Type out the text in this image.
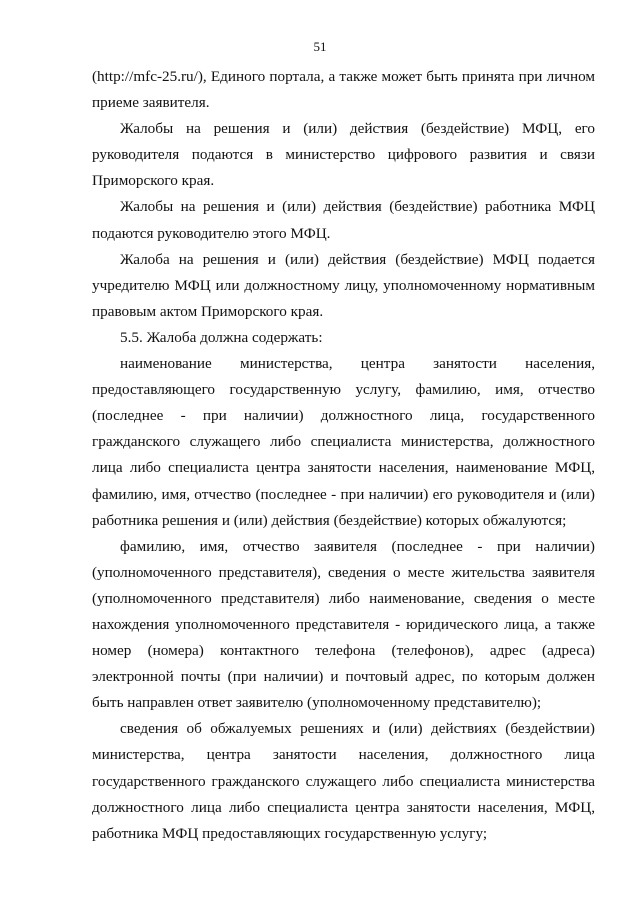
51

(http://mfc-25.ru/), Единого портала, а также может быть принята при личном приеме заявителя.

Жалобы на решения и (или) действия (бездействие) МФЦ, его руководителя подаются в министерство цифрового развития и связи Приморского края.

Жалобы на решения и (или) действия (бездействие) работника МФЦ подаются руководителю этого МФЦ.

Жалоба на решения и (или) действия (бездействие) МФЦ подается учредителю МФЦ или должностному лицу, уполномоченному нормативным правовым актом Приморского края.

5.5. Жалоба должна содержать:

наименование министерства, центра занятости населения, предоставляющего государственную услугу, фамилию, имя, отчество (последнее - при наличии) должностного лица, государственного гражданского служащего либо специалиста министерства, должностного лица либо специалиста центра занятости населения, наименование МФЦ, фамилию, имя, отчество (последнее - при наличии) его руководителя и (или) работника решения и (или) действия (бездействие) которых обжалуются;

фамилию, имя, отчество заявителя (последнее - при наличии) (уполномоченного представителя), сведения о месте жительства заявителя (уполномоченного представителя) либо наименование, сведения о месте нахождения уполномоченного представителя - юридического лица, а также номер (номера) контактного телефона (телефонов), адрес (адреса) электронной почты (при наличии) и почтовый адрес, по которым должен быть направлен ответ заявителю (уполномоченному представителю);

сведения об обжалуемых решениях и (или) действиях (бездействии) министерства, центра занятости населения, должностного лица государственного гражданского служащего либо специалиста министерства должностного лица либо специалиста центра занятости населения, МФЦ, работника МФЦ предоставляющих государственную услугу;
